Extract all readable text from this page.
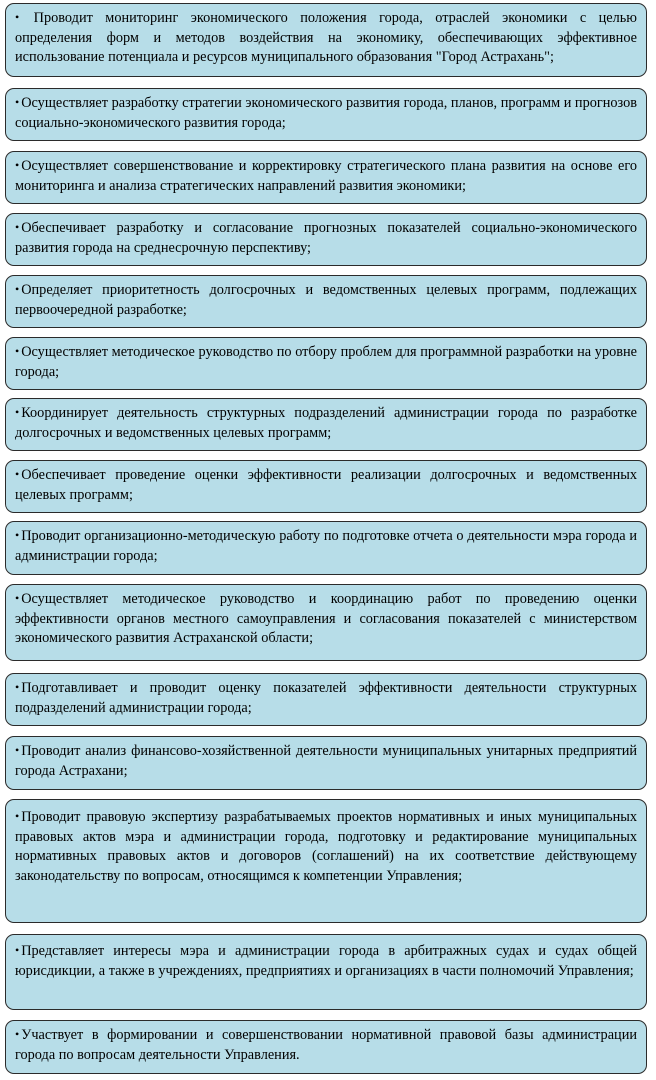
• Проводит мониторинг экономического положения города, отраслей экономики с целью определения форм и методов воздействия на экономику, обеспечивающих эффективное использование потенциала и ресурсов муниципального образования "Город Астрахань";
• Осуществляет разработку стратегии экономического развития города, планов, программ и прогнозов социально-экономического развития города;
• Осуществляет совершенствование и корректировку стратегического плана развития на основе его мониторинга и анализа стратегических направлений развития экономики;
• Обеспечивает разработку и согласование прогнозных показателей социально-экономического развития города на среднесрочную перспективу;
• Определяет приоритетность долгосрочных и ведомственных целевых программ, подлежащих первоочередной разработке;
• Осуществляет методическое руководство по отбору проблем для программной разработки на уровне города;
• Координирует деятельность структурных подразделений администрации города по разработке долгосрочных и ведомственных целевых программ;
• Обеспечивает проведение оценки эффективности реализации долгосрочных и ведомственных целевых программ;
• Проводит организационно-методическую работу по подготовке отчета о деятельности мэра города и администрации города;
• Осуществляет методическое руководство и координацию работ по проведению оценки эффективности органов местного самоуправления и согласования показателей с министерством экономического развития Астраханской области;
• Подготавливает и проводит оценку показателей эффективности деятельности структурных подразделений администрации города;
• Проводит анализ финансово-хозяйственной деятельности муниципальных унитарных предприятий города Астрахани;
• Проводит правовую экспертизу разрабатываемых проектов нормативных и иных муниципальных правовых актов мэра и администрации города, подготовку и редактирование муниципальных нормативных правовых актов и договоров (соглашений) на их соответствие действующему законодательству по вопросам, относящимся к компетенции Управления;
• Представляет интересы мэра и администрации города в арбитражных судах и судах общей юрисдикции, а также в учреждениях, предприятиях и организациях в части полномочий Управления;
• Участвует в формировании и совершенствовании нормативной правовой базы администрации города по вопросам деятельности Управления.
